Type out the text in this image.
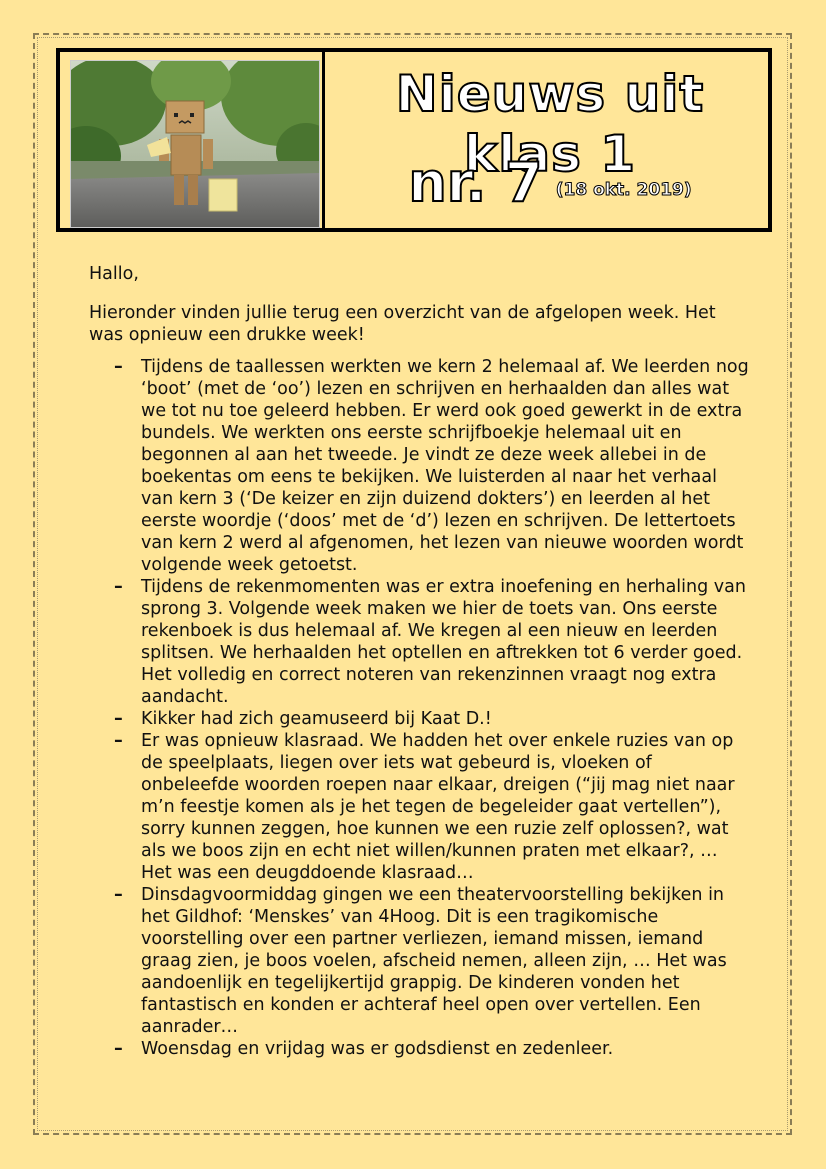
Nieuws uit klas 1
nr. 7 (18 okt. 2019)

Hallo,

Hieronder vinden jullie terug een overzicht van de afgelopen week. Het was opnieuw een drukke week!

– Tijdens de taallessen werkten we kern 2 helemaal af. We leerden nog ‘boot’ (met de ‘oo’) lezen en schrijven en herhaalden dan alles wat we tot nu toe geleerd hebben. Er werd ook goed gewerkt in de extra bundels. We werkten ons eerste schrijfboekje helemaal uit en begonnen al aan het tweede. Je vindt ze deze week allebei in de boekentas om eens te bekijken. We luisterden al naar het verhaal van kern 3 (‘De keizer en zijn duizend dokters’) en leerden al het eerste woordje (‘doos’ met de ‘d’) lezen en schrijven. De lettertoets van kern 2 werd al afgenomen, het lezen van nieuwe woorden wordt volgende week getoetst.
– Tijdens de rekenmomenten was er extra inoefening en herhaling van sprong 3. Volgende week maken we hier de toets van. Ons eerste rekenboek is dus helemaal af. We kregen al een nieuw en leerden splitsen. We herhaalden het optellen en aftrekken tot 6 verder goed. Het volledig en correct noteren van rekenzinnen vraagt nog extra aandacht.
– Kikker had zich geamuseerd bij Kaat D.!
– Er was opnieuw klasraad. We hadden het over enkele ruzies van op de speelplaats, liegen over iets wat gebeurd is, vloeken of onbeleefde woorden roepen naar elkaar, dreigen (“jij mag niet naar m’n feestje komen als je het tegen de begeleider gaat vertellen”), sorry kunnen zeggen, hoe kunnen we een ruzie zelf oplossen?, wat als we boos zijn en echt niet willen/kunnen praten met elkaar?, … Het was een deugddoende klasraad…
– Dinsdagvoormiddag gingen we een theatervoorstelling bekijken in het Gildhof: ‘Menskes’ van 4Hoog. Dit is een tragikomische voorstelling over een partner verliezen, iemand missen, iemand graag zien, je boos voelen, afscheid nemen, alleen zijn, … Het was aandoenlijk en tegelijkertijd grappig. De kinderen vonden het fantastisch en konden er achteraf heel open over vertellen. Een aanrader…
– Woensdag en vrijdag was er godsdienst en zedenleer.
